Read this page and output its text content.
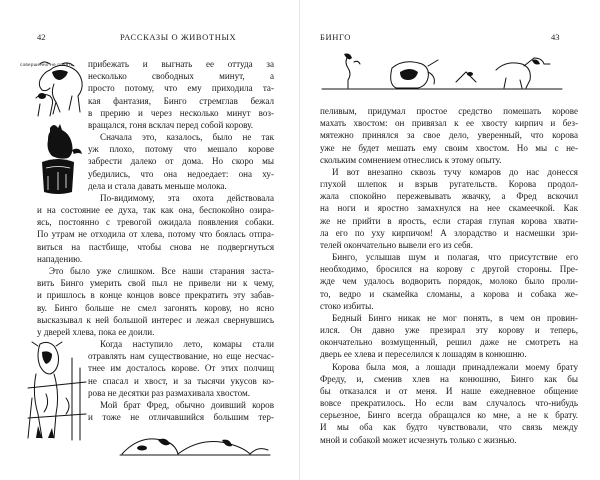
42	РАССКАЗЫ О ЖИВОТНЫХ
совершенно не понять прибежать и выгнать ее оттуда за
несколько свободных минут, а
просто потому, что ему приходила та-
кая фантазия, Бинго стремглав бежал
в прерию и через несколько минут воз-
вращался, гоня всклач перед собой корову.
Сначала это, казалось, было не так
уж плохо, потому что мешало корове
забрести далеко от дома. Но скоро мы
убедились, что она недоедает: она ху-
дела и стала давать меньше молока.
По-видимому, эта охота действовала
и на состояние ее духа, так как она, беспокойно озира-
ясь, постоянно с тревогой ожидала появления собаки.
По утрам не отходила от хлева, потому что боялась отпра-
виться на пастбище, чтобы снова не подвергнуться
нападению.
Это было уже слишком. Все наши старания заста-
вить Бинго умерить свой пыл не привели ни к чему,
и пришлось в конце концов вовсе прекратить эту забав-
ву. Бинго больше не смел загонять корову, но ясно
высказывал к ней большой интерес и лежал свернувшись
у дверей хлева, пока ее доили.
Когда наступило лето, комары стали
отравлять нам существование, но еще несчас-
тнее им досталось корове. От этих полчищ
не спасал и хвост, и за тысячи укусов ко-
рова не десятки раз размахивала хвостом.
Мой брат Фред, обычно доивший коров
и тоже не отличавшийся большим тер-
БИНГО	43
пеливым, придумал простое средство помешать корове
махать хвостом: он привязал к ее хвосту кирпич и без-
мятежно принялся за свое дело, уверенный, что корова
уже не будет мешать ему своим хвостом. Но мы с не-
скольким сомнением отнеслись к этому опыту.
И вот внезапно сквозь тучу комаров до нас донесся
глухой шлепок и взрыв ругательств. Корова продол-
жала спокойно пережевывать жвачку, а Фред вскочил
на ноги и яростно замахнулся на нее скамеечкой. Как
же не прийти в ярость, если старая глупая корова хвати-
ла его по уху кирпичом! А злорадство и насмешки зри-
телей окончательно вывели его из себя.
Бинго, услышав шум и полагая, что присутствие его
необходимо, бросился на корову с другой стороны. Пре-
жде чем удалось водворить порядок, молоко было проли-
то, ведро и скамейка сломаны, а корова и собака же-
стоко избиты.
Бедный Бинго никак не мог понять, в чем он провин-
ился. Он давно уже презирал эту корову и теперь,
окончательно возмущенный, решил даже не смотреть на
дверь ее хлева и переселился к лошадям в конюшню.
Корова была моя, а лошади принадлежали моему брату
Фреду, и, сменив хлев на конюшню, Бинго как бы
бы отказался и от меня. И наше ежедневное общение
вовсе прекратилось. Но если вам случалось что-нибудь
серьезное, Бинго всегда обращался ко мне, а не к брату.
И мы оба как будто чувствовали, что связь между
мной и собакой может исчезнуть только с жизнью.
